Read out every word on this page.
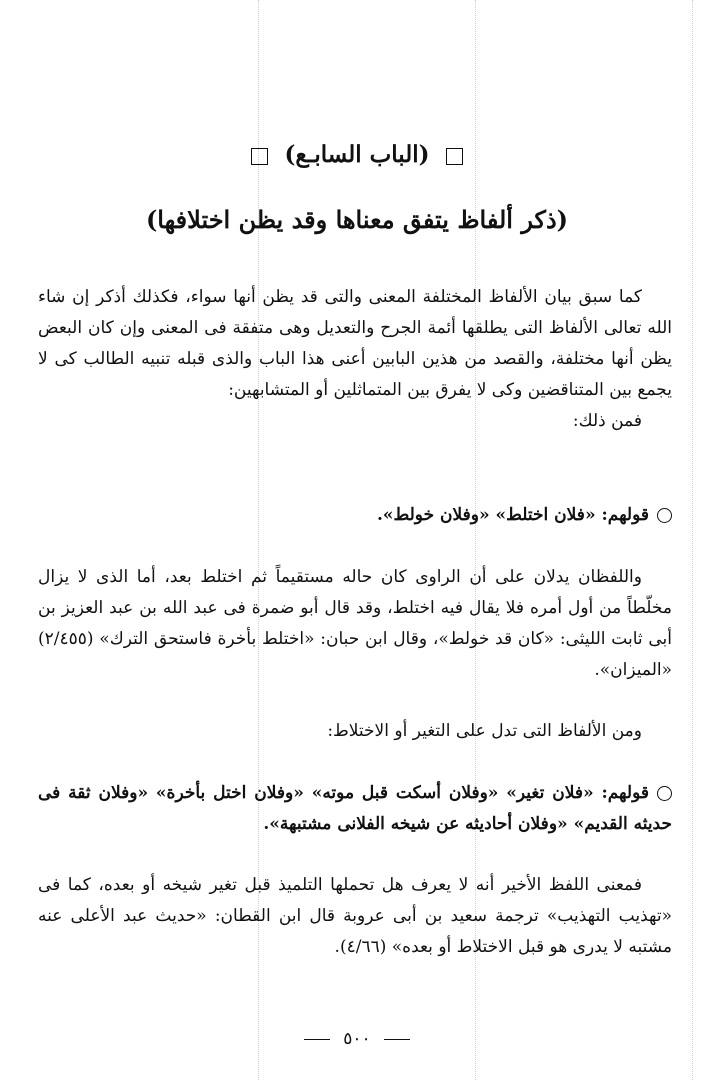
(الباب السابـع)
(ذكر ألفاظ يتفق معناها وقد يظن اختلافها)

كما سبق بيان الألفاظ المختلفة المعنى والتى قد يظن أنها سواء، فكذلك أذكر إن شاء الله تعالى الألفاظ التى يطلقها أئمة الجرح والتعديل وهى متفقة فى المعنى وإن كان البعض يظن أنها مختلفة، والقصد من هذين البابين أعنى هذا الباب والذى قبله تنبيه الطالب كى لا يجمع بين المتناقضين وكى لا يفرق بين المتماثلين أو المتشابهين:

فمن ذلك:

قولهم: «فلان اختلط» «وفلان خولط».

واللفظان يدلان على أن الراوى كان حاله مستقيماً ثم اختلط بعد، أما الذى لا يزال مخلّطاً من أول أمره فلا يقال فيه اختلط، وقد قال أبو ضمرة فى عبد الله بن عبد العزيز بن أبى ثابت الليثى: «كان قد خولط»، وقال ابن حبان: «اختلط بأخرة فاستحق الترك» (٢/٤٥٥) «الميزان».

ومن الألفاظ التى تدل على التغير أو الاختلاط:

قولهم: «فلان تغير» «وفلان أسكت قبل موته» «وفلان اختل بأخرة» «وفلان ثقة فى حديثه القديم» «وفلان أحاديثه عن شيخه الفلانى مشتبهة».

فمعنى اللفظ الأخير أنه لا يعرف هل تحملها التلميذ قبل تغير شيخه أو بعده، كما فى «تهذيب التهذيب» ترجمة سعيد بن أبى عروبة قال ابن القطان: «حديث عبد الأعلى عنه مشتبه لا يدرى هو قبل الاختلاط أو بعده» (٤/٦٦).

٥٠٠
